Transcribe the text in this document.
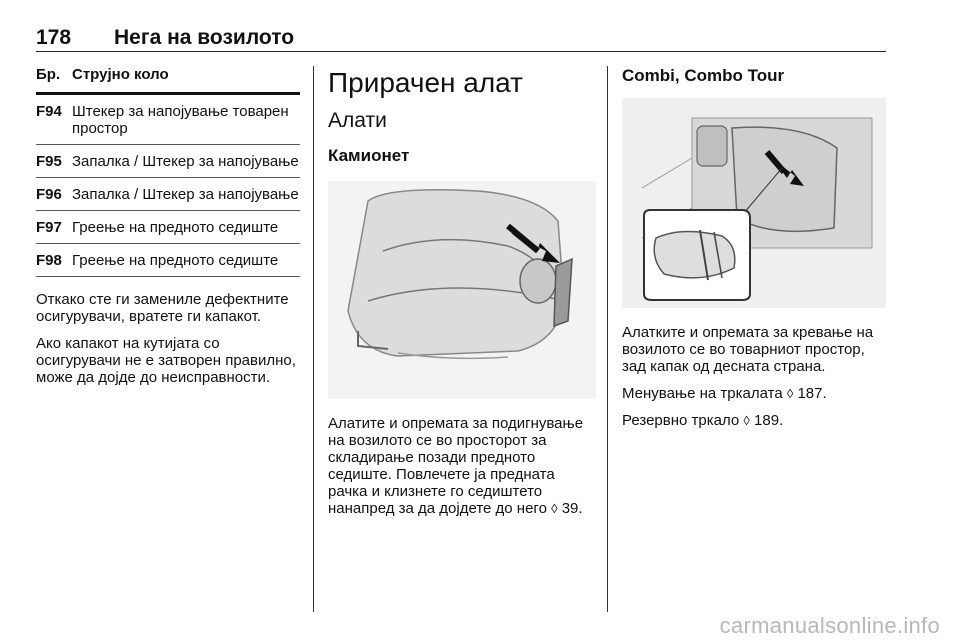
178 Нега на возилото
Бр. Струјно коло
F94 Штекер за напојување товарен простор
F95 Запалка / Штекер за напојување
F96 Запалка / Штекер за напојување
F97 Греење на предното седиште
F98 Греење на предното седиште

Откако сте ги замениле дефектните осигурувачи, вратете ги капакот.

Ако капакот на кутијата со осигурувачи не е затворен правилно, може да дојде до неисправности.

Прирачен алат
Алати
Камионет

Алатите и опремата за подигнување на возилото се во просторот за складирање позади предното седиште. Повлечете ја предната рачка и клизнете го седиштето нанапред за да дојдете до него ◊ 39.

Combi, Combo Tour

Алатките и опремата за кревање на возилото се во товарниот простор, зад капак од десната страна.

Менување на тркалата ◊ 187.

Резервно тркало ◊ 189.

carmanualsonline.info
